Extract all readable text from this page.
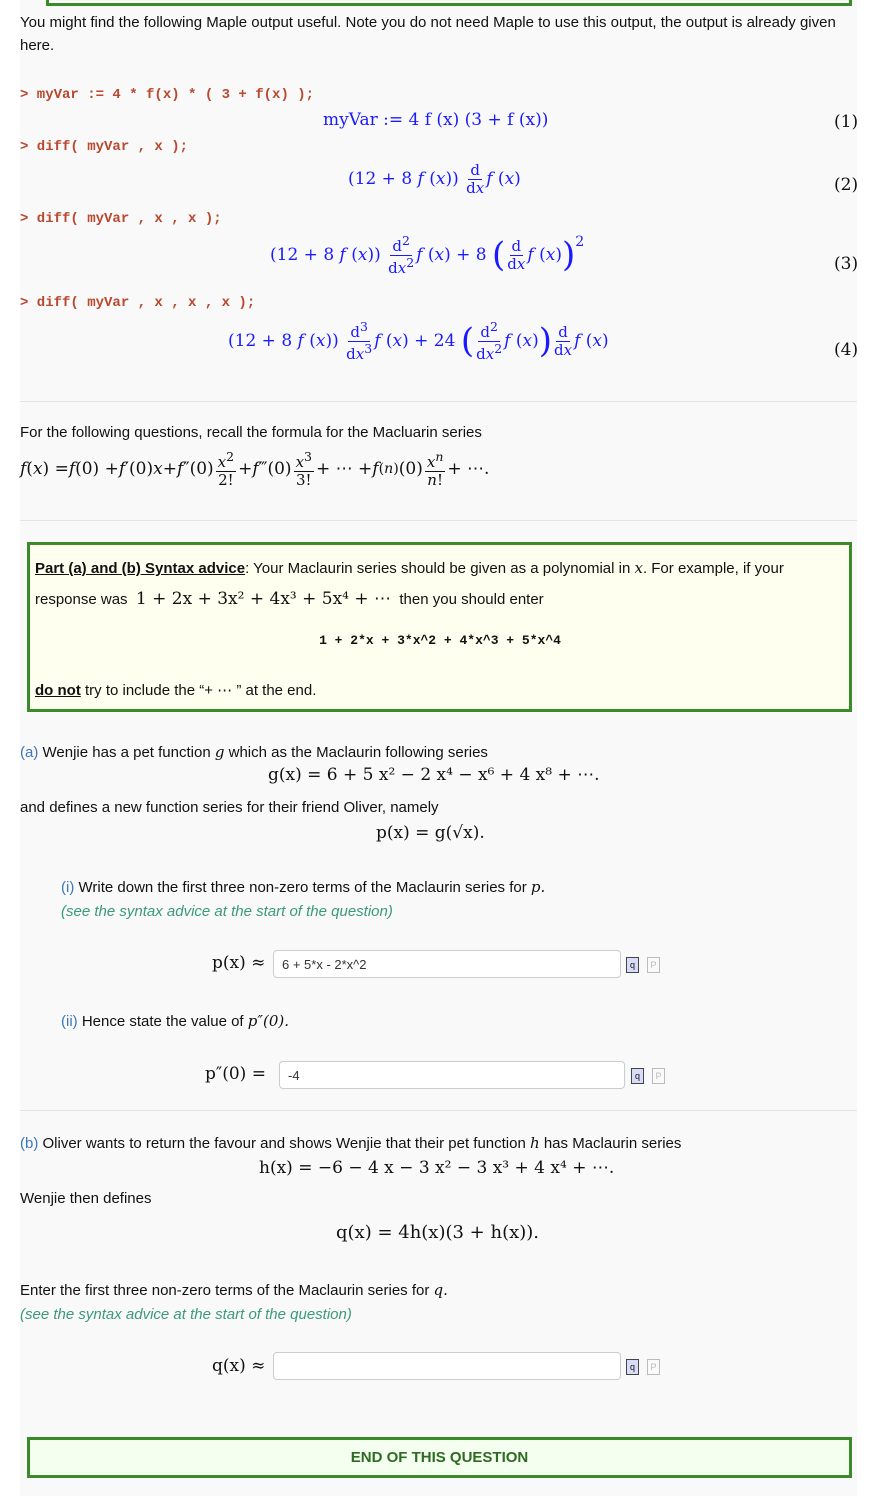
You might find the following Maple output useful. Note you do not need Maple to use this output, the output is already given here.
> myVar := 4 * f(x) * ( 3 + f(x) );
myVar := 4 f (x) (3 + f (x))	(1)
> diff( myVar , x );
(12 + 8 f $(x)) \frac{d}{dx}$ f (x)	(2)
> diff( myVar , x , x );
(12 + 8 f $(x)) \frac{d^2}{dx^2}$ f (x) + 8 ( $\frac{d}{dx}$ f (x) )$^2$
(3)
> diff( myVar , x , x , x );
(12 + 8 f $(x)) \frac{d^3}{dx^3}$ f (x) + 24 ( $\frac{d^2}{dx^2}$ f (x) ) $\frac{d}{dx}$ f (x)	(4)
For the following questions, recall the formula for the Macluarin series
f ( x ) = f (0) + f ′(0) x + f $''(0) \frac{x^2}{2!} + f$ ‴(0) $\frac{x^3}{3!}$ + ⋯ + f (n) $(0) \frac{x^n}{n!}$ + ⋯.
Part (a) and (b) Syntax advice: Your Maclaurin series should be given as a polynomial in x. For example, if your
response was 1 + 2x + 3x² + 4x³ + 5x⁴ + ⋯ then you should enter
1 + 2*x + 3*x^2 + 4*x^3 + 5*x^4
do not try to include the “+ ⋯ ” at the end.
(a) Wenjie has a pet function g which as the Maclaurin following series
g(x) = 6 + 5 x² − 2 x⁴ − x⁶ + 4 x⁸ + ⋯.
and defines a new function series for their friend Oliver, namely
p(x) = g(√x).
(i) Write down the first three non-zero terms of the Maclaurin series for p.
(see the syntax advice at the start of the question)
p(x) ≈
6 + 5*x - 2*x^2	q	P
(ii) Hence state the value of p″(0).
p″(0) =
-4	q	P
(b) Oliver wants to return the favour and shows Wenjie that their pet function h has Maclaurin series
h(x) = −6 − 4 x − 3 x² − 3 x³ + 4 x⁴ + ⋯.
Wenjie then defines
q(x) = 4h(x)(3 + h(x)).
Enter the first three non-zero terms of the Maclaurin series for q.
(see the syntax advice at the start of the question)
q(x) ≈	q	P
END OF THIS QUESTION
